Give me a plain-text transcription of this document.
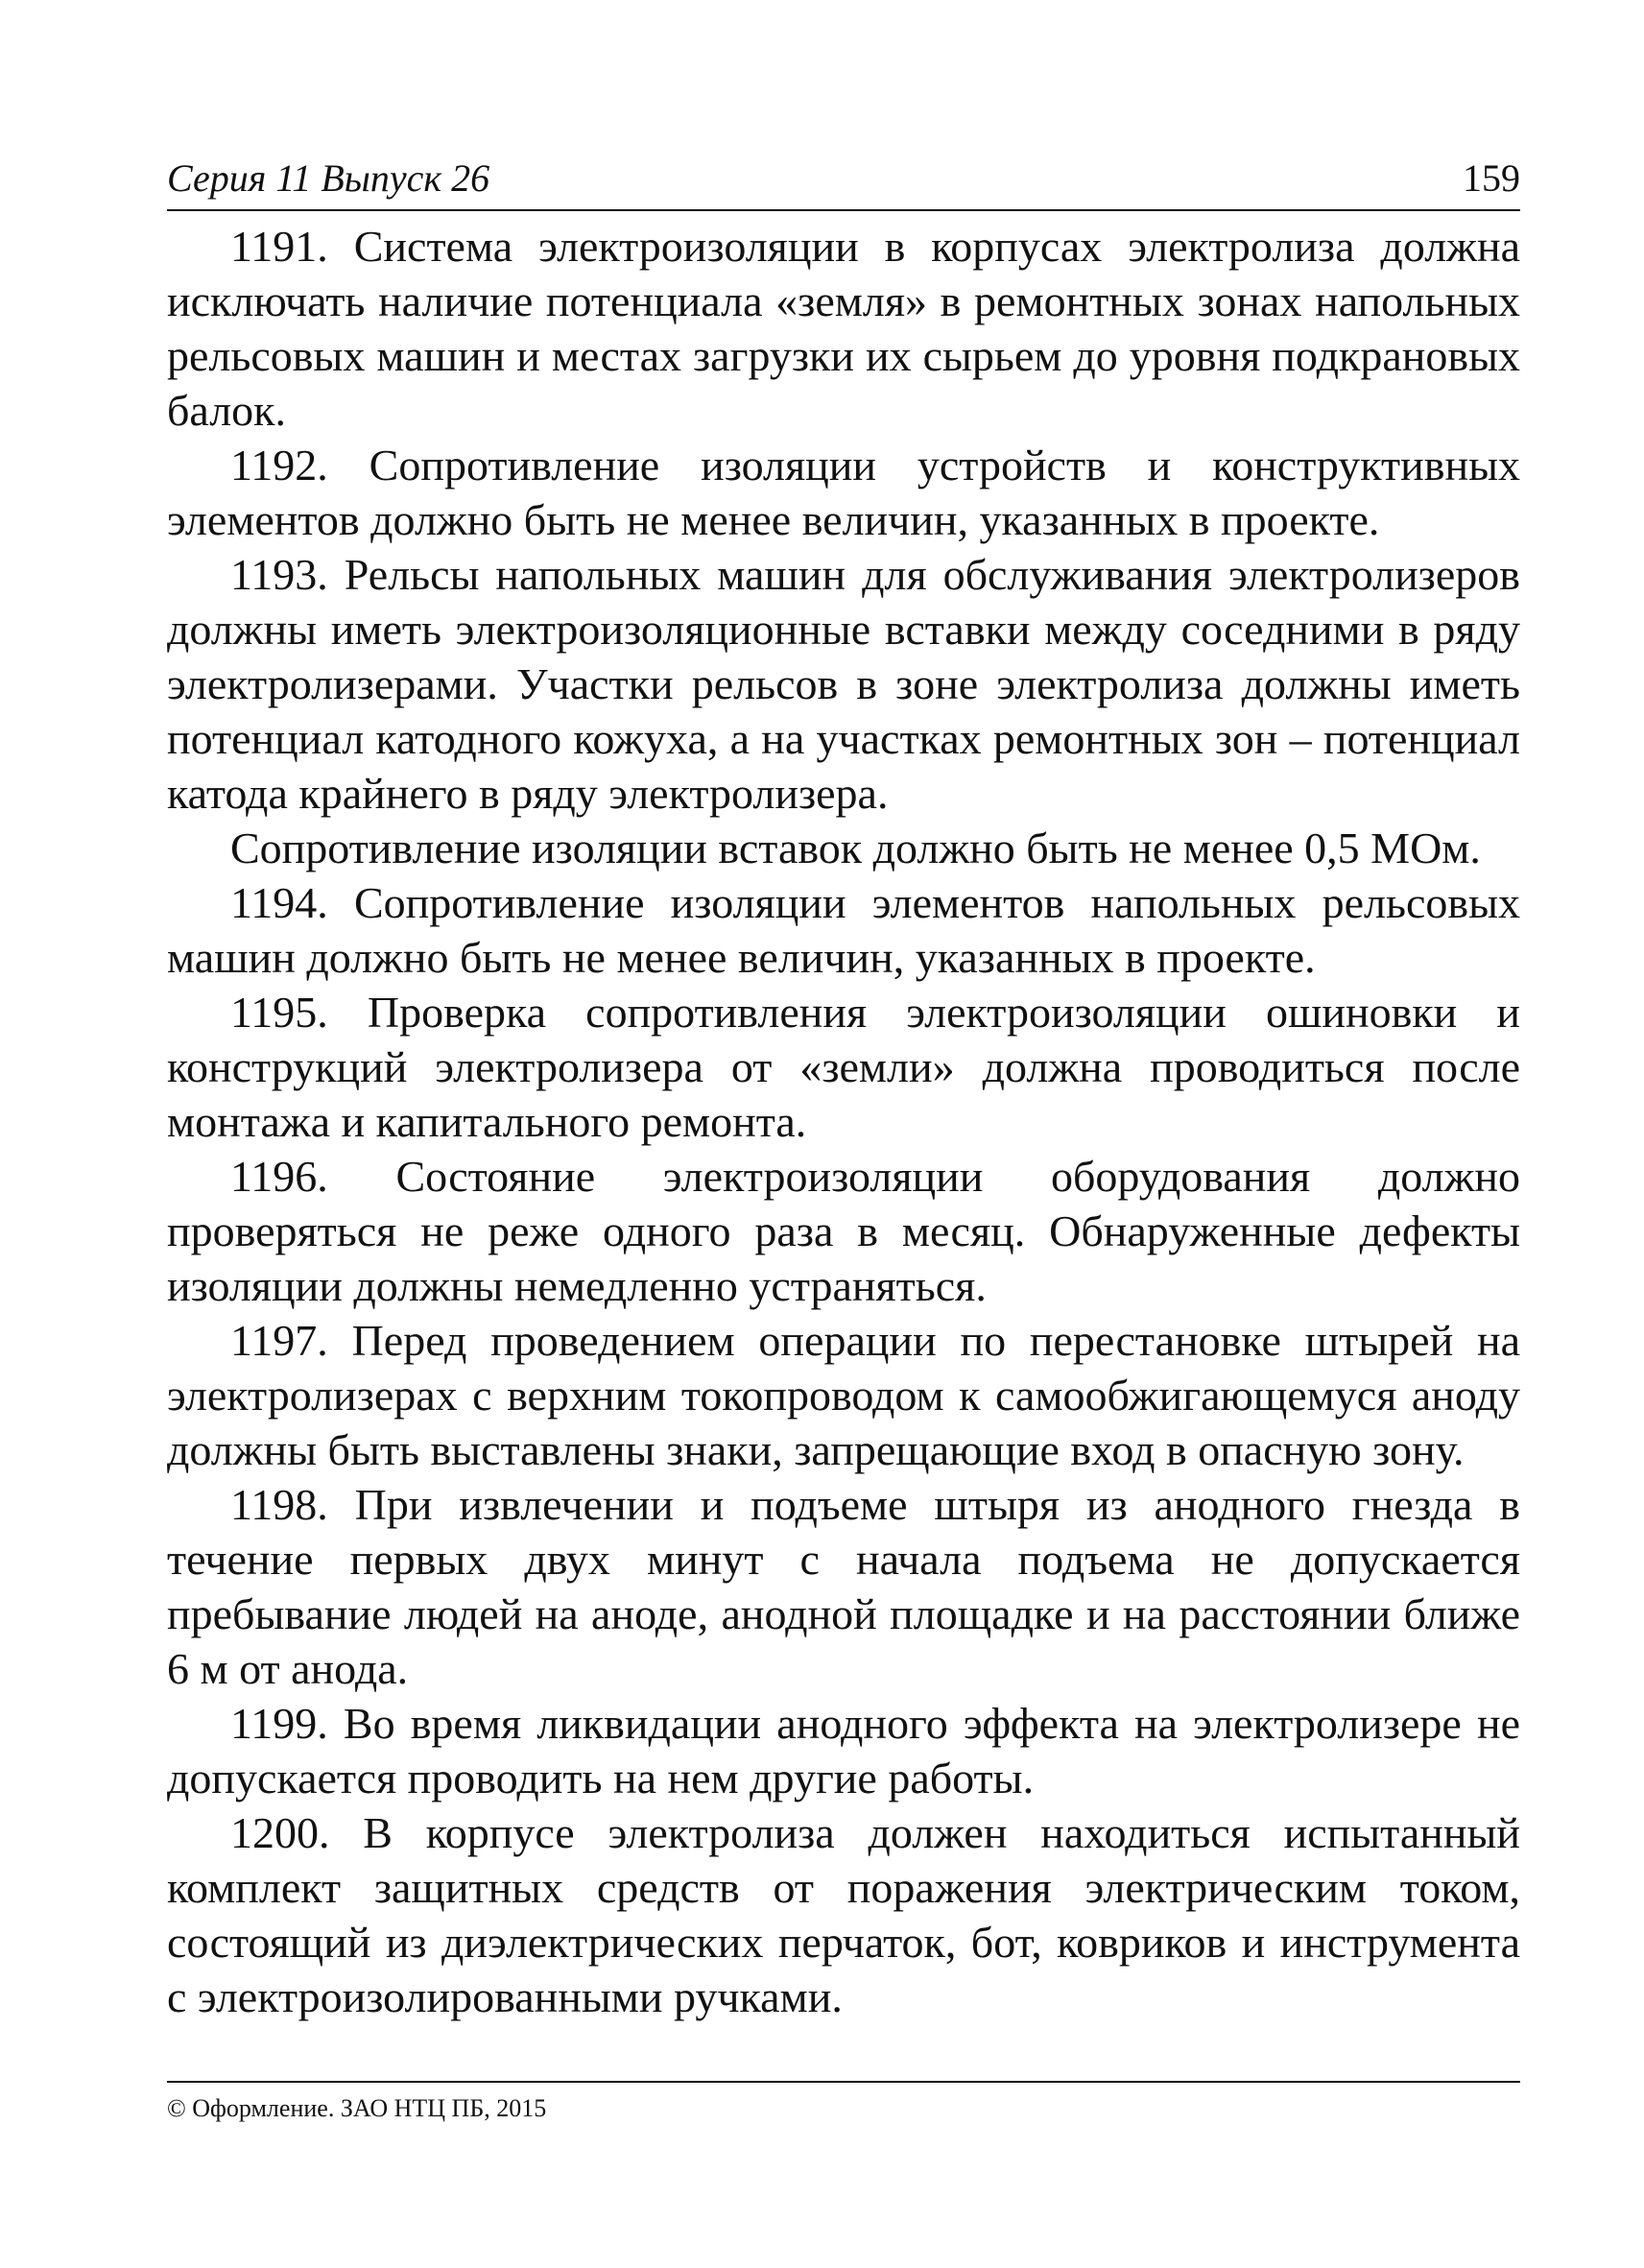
Серия 11 Выпуск 26	159

1191. Система электроизоляции в корпусах электролиза должна исключать наличие потенциала «земля» в ремонтных зонах напольных рельсовых машин и местах загрузки их сырьем до уровня подкрановых балок.

1192. Сопротивление изоляции устройств и конструктивных элементов должно быть не менее величин, указанных в проекте.

1193. Рельсы напольных машин для обслуживания электролизеров должны иметь электроизоляционные вставки между соседними в ряду электролизерами. Участки рельсов в зоне электролиза должны иметь потенциал катодного кожуха, а на участках ремонтных зон – потенциал катода крайнего в ряду электролизера.

Сопротивление изоляции вставок должно быть не менее 0,5 МОм.

1194. Сопротивление изоляции элементов напольных рельсовых машин должно быть не менее величин, указанных в проекте.

1195. Проверка сопротивления электроизоляции ошиновки и конструкций электролизера от «земли» должна проводиться после монтажа и капитального ремонта.

1196. Состояние электроизоляции оборудования должно проверяться не реже одного раза в месяц. Обнаруженные дефекты изоляции должны немедленно устраняться.

1197. Перед проведением операции по перестановке штырей на электролизерах с верхним токопроводом к самообжигающемуся аноду должны быть выставлены знаки, запрещающие вход в опасную зону.

1198. При извлечении и подъеме штыря из анодного гнезда в течение первых двух минут с начала подъема не допускается пребывание людей на аноде, анодной площадке и на расстоянии ближе 6 м от анода.

1199. Во время ликвидации анодного эффекта на электролизере не допускается проводить на нем другие работы.

1200. В корпусе электролиза должен находиться испытанный комплект защитных средств от поражения электрическим током, состоящий из диэлектрических перчаток, бот, ковриков и инструмента с электроизолированными ручками.

© Оформление. ЗАО НТЦ ПБ, 2015
